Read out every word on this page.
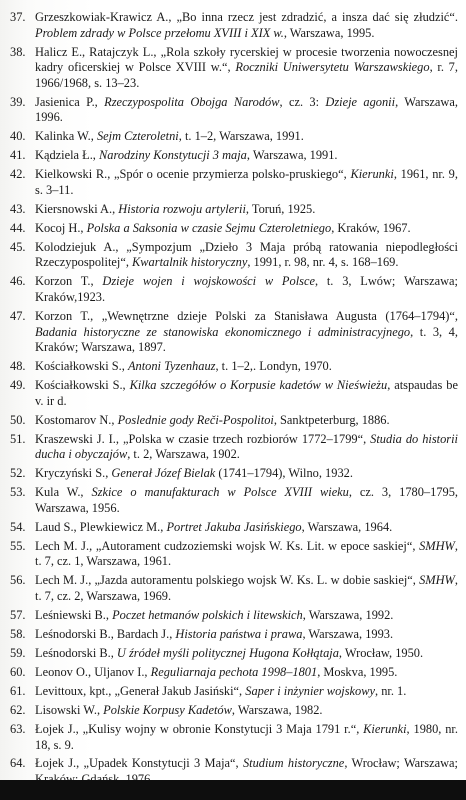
37. Grzeszkowiak-Krawicz A., „Bo inna rzecz jest zdradzić, a insza dać się złudzić“. Problem zdrady w Polsce przełomu XVIII i XIX w., Warszawa, 1995.
38. Halicz E., Ratajczyk L., „Rola szkoły rycerskiej w procesie tworzenia nowoczesnej kadry oficerskiej w Polsce XVIII w.“, Roczniki Uniwersytetu Warszawskiego, r. 7, 1966/1968, s. 13–23.
39. Jasienica P., Rzeczypospolita Obojga Narodów, cz. 3: Dzieje agonii, Warszawa, 1996.
40. Kalinka W., Sejm Czteroletni, t. 1–2, Warszawa, 1991.
41. Kądziela Ł., Narodziny Konstytucji 3 maja, Warszawa, 1991.
42. Kielkowski R., „Spór o ocenie przymierza polsko-pruskiego“, Kierunki, 1961, nr. 9, s. 3–11.
43. Kiersnowski A., Historia rozwoju artylerii, Toruń, 1925.
44. Kocoj H., Polska a Saksonia w czasie Sejmu Czteroletniego, Kraków, 1967.
45. Kolodziejuk A., „Sympozjum „Dzieło 3 Maja próbą ratowania niepodległości Rzeczypospolitej“, Kwartalnik historyczny, 1991, r. 98, nr. 4, s. 168–169.
46. Korzon T., Dzieje wojen i wojskowości w Polsce, t. 3, Lwów; Warszawa; Kraków,1923.
47. Korzon T., „Wewnętrzne dzieje Polski za Stanisława Augusta (1764–1794)“, Badania historyczne ze stanowiska ekonomicznego i administracyjnego, t. 3, 4, Kraków; Warszawa, 1897.
48. Kościałkowski S., Antoni Tyzenhauz, t. 1–2,. Londyn, 1970.
49. Kościałkowski S., Kilka szczegółów o Korpusie kadetów w Nieświeżu, atspaudas be v. ir d.
50. Kostomarov N., Posledniе gody Reči-Pospolitoi, Sanktpeterburg, 1886.
51. Kraszewski J. I., „Polska w czasie trzech rozbiorów 1772–1799“, Studia do historii ducha i obyczajów, t. 2, Warszawa, 1902.
52. Kryczyński S., Generał Józef Bielak (1741–1794), Wilno, 1932.
53. Kula W., Szkice o manufakturach w Polsce XVIII wieku, cz. 3, 1780–1795, Warszawa, 1956.
54. Laud S., Plewkiewicz M., Portret Jakuba Jasińskiego, Warszawa, 1964.
55. Lech M. J., „Autorament cudzoziemski wojsk W. Ks. Lit. w epoce saskiej“, SMHW, t. 7, cz. 1, Warszawa, 1961.
56. Lech M. J., „Jazda autoramentu polskiego wojsk W. Ks. L. w dobie saskiej“, SMHW, t. 7, cz. 2, Warszawa, 1969.
57. Leśniewski B., Poczet hetmanów polskich i litewskich, Warszawa, 1992.
58. Leśnodorski B., Bardach J., Historia państwa i prawa, Warszawa, 1993.
59. Leśnodorski B., U źródeł myśli politycznej Hugona Kołłątaja, Wrocław, 1950.
60. Leonov O., Uljanov I., Reguliarnaja pechota 1998–1801, Moskva, 1995.
61. Levittoux, kpt., „Generał Jakub Jasiński“, Saper i inżynier wojskowy, nr. 1.
62. Lisowski W., Polskie Korpusy Kadetów, Warszawa, 1982.
63. Łojek J., „Kulisy wojny w obronie Konstytucji 3 Maja 1791 r.“, Kierunki, 1980, nr. 18, s. 9.
64. Łojek J., „Upadek Konstytucji 3 Maja“, Studium historyczne, Wrocław; Warszawa;
